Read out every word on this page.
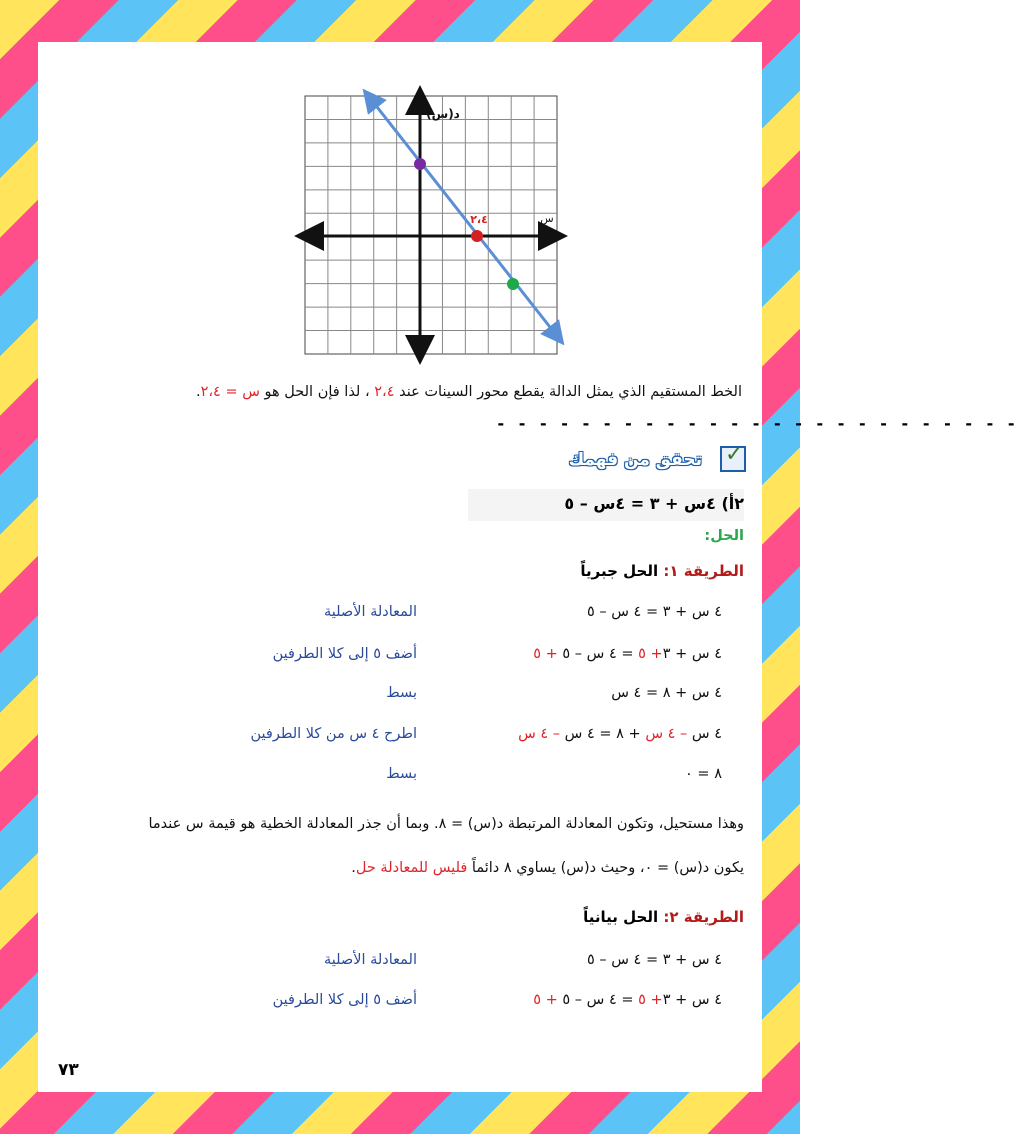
د(س)
س
٢،٤
الخط المستقيم الذي يمثل الدالة يقطع محور السينات عند ٢،٤ ، لذا فإن الحل هو س = ٢،٤.
- - - - - - - - - - - - - - - - - - - - - - - - -
✓
تحقق من فهمك
٢أ) ٤س + ٣ = ٤س – ٥
الحل:
الطريقة ١: الحل جبرياً
٤ س + ٣ = ٤ س – ٥
المعادلة الأصلية
٤ س + ٣+ ٥ = ٤ س – ٥ + ٥
أضف ٥ إلى كلا الطرفين
٤ س + ٨ = ٤ س
بسط
٤ س – ٤ س + ٨ = ٤ س – ٤ س
اطرح ٤ س من كلا الطرفين
٨ = ٠
بسط
وهذا مستحيل، وتكون المعادلة المرتبطة د(س) = ٨. وبما أن جذر المعادلة الخطية هو قيمة س عندما
يكون د(س) = ٠، وحيث د(س) يساوي ٨ دائماً فليس للمعادلة حل.
الطريقة ٢: الحل بيانياً
٤ س + ٣ = ٤ س – ٥
المعادلة الأصلية
٤ س + ٣+ ٥ = ٤ س – ٥ + ٥
أضف ٥ إلى كلا الطرفين
٧٣
